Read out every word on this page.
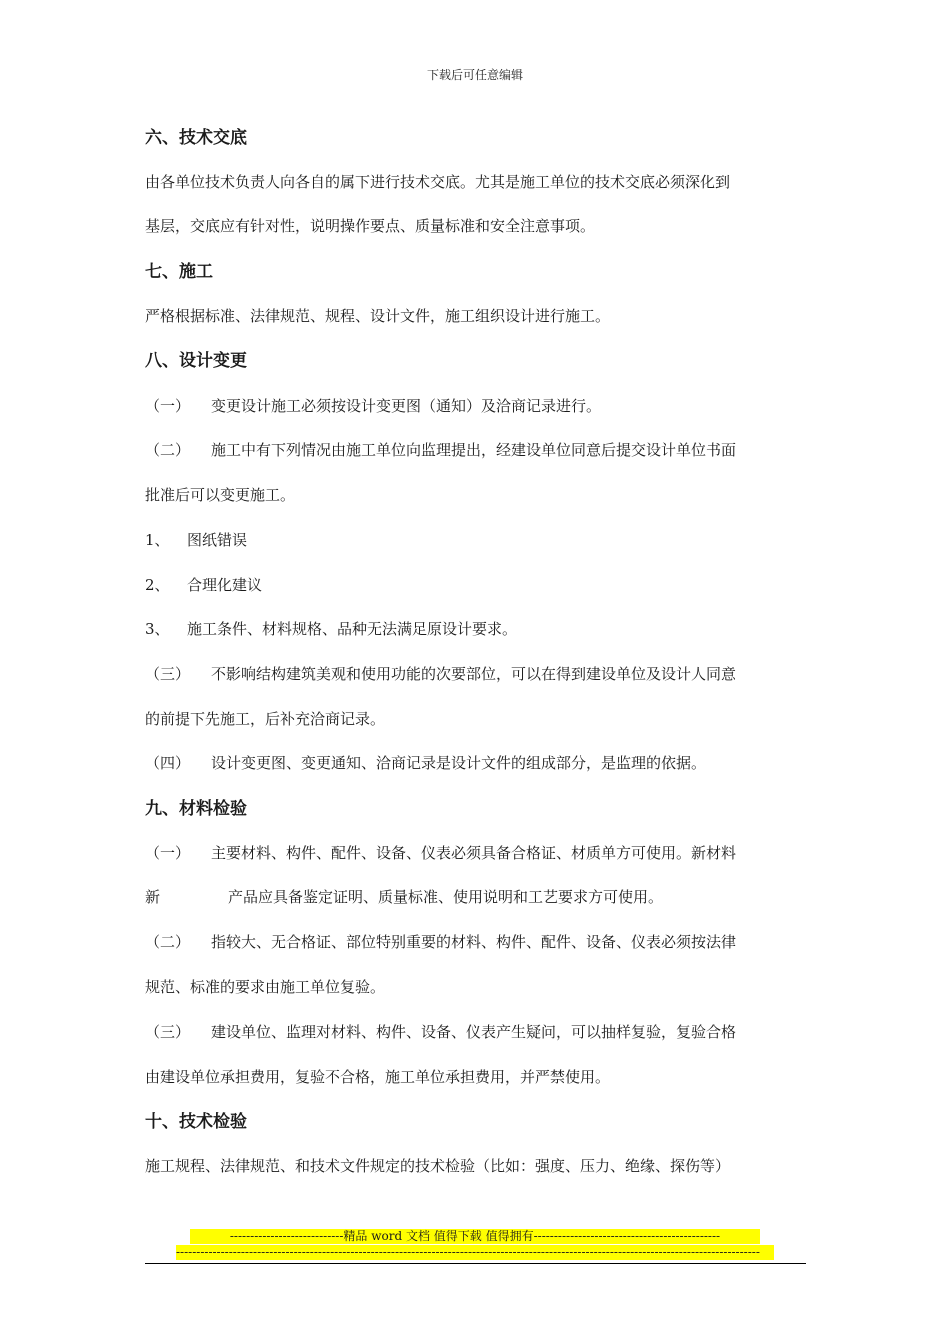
下载后可任意编辑
六、技术交底
由各单位技术负责人向各自的属下进行技术交底。尤其是施工单位的技术交底必须深化到
基层，交底应有针对性，说明操作要点、质量标准和安全注意事项。
七、施工
严格根据标准、法律规范、规程、设计文件，施工组织设计进行施工。
八、设计变更
（一） 变更设计施工必须按设计变更图（通知）及洽商记录进行。
（二） 施工中有下列情况由施工单位向监理提出，经建设单位同意后提交设计单位书面
批准后可以变更施工。
1、 图纸错误
2、 合理化建议
3、 施工条件、材料规格、品种无法满足原设计要求。
（三） 不影响结构建筑美观和使用功能的次要部位，可以在得到建设单位及设计人同意
的前提下先施工，后补充洽商记录。
（四） 设计变更图、变更通知、洽商记录是设计文件的组成部分，是监理的依据。
九、材料检验
（一） 主要材料、构件、配件、设备、仪表必须具备合格证、材质单方可使用。新材料
新	产品应具备鉴定证明、质量标准、使用说明和工艺要求方可使用。
（二） 指较大、无合格证、部位特别重要的材料、构件、配件、设备、仪表必须按法律
规范、标准的要求由施工单位复验。
（三） 建设单位、监理对材料、构件、设备、仪表产生疑问，可以抽样复验，复验合格
由建设单位承担费用，复验不合格，施工单位承担费用，并严禁使用。
十、技术检验
施工规程、法律规范、和技术文件规定的技术检验（比如：强度、压力、绝缘、探伤等）
----------------------------精品 word 文档 值得下载 值得拥有----------------------------------------------
------------------------------------------------------------------------------------------------------------------------------------------------
